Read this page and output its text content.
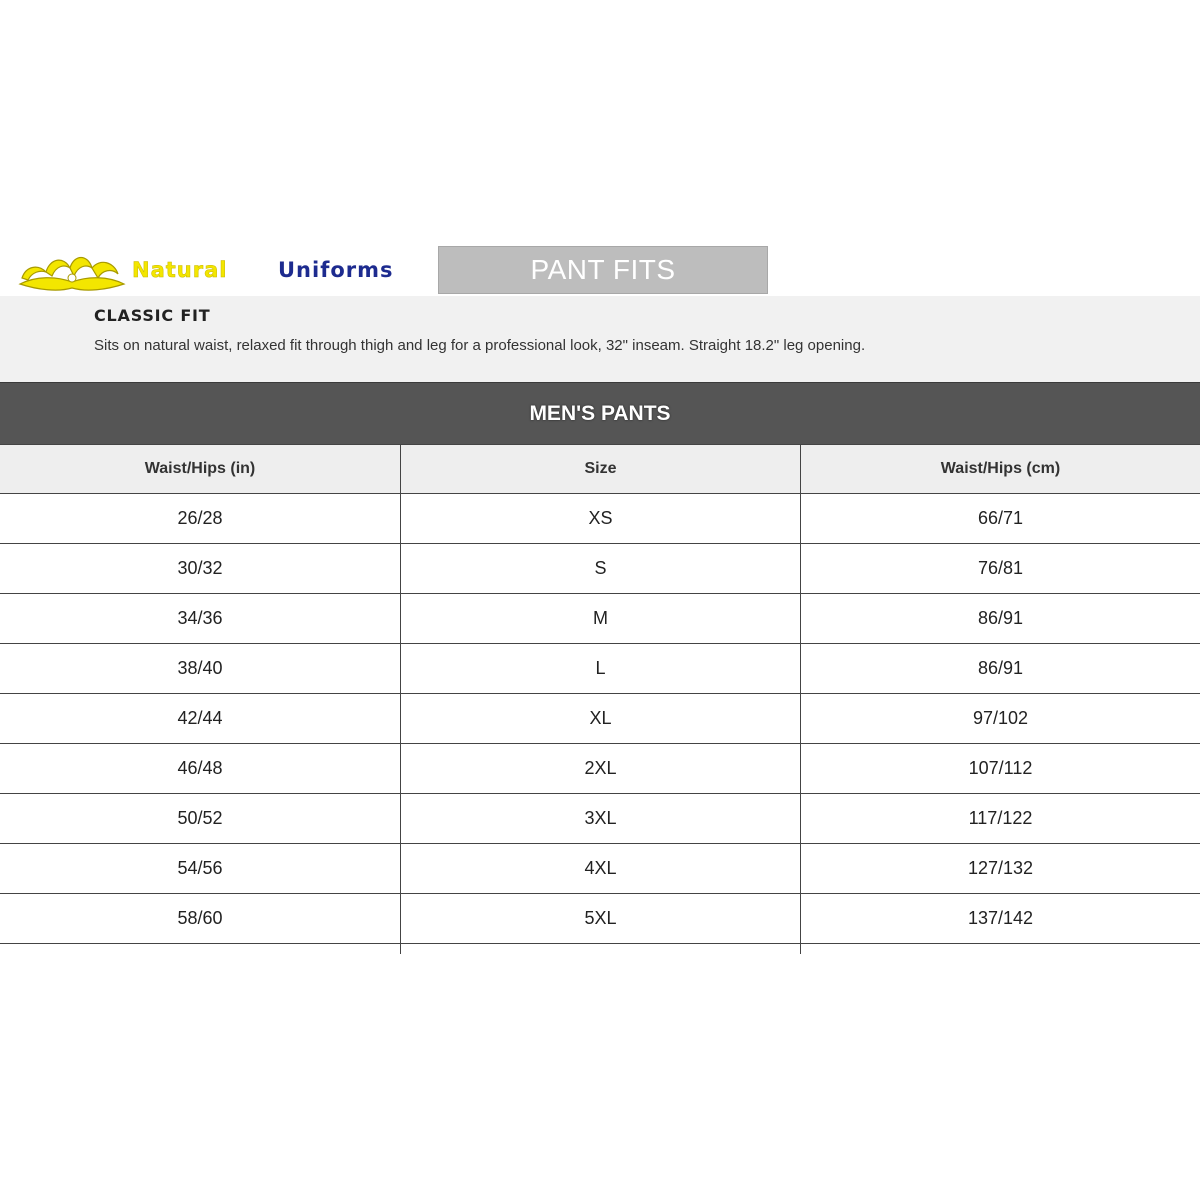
Natural Uniforms	PANT FITS
CLASSIC FIT
Sits on natural waist, relaxed fit through thigh and leg for a professional look, 32" inseam. Straight 18.2" leg opening.
MEN'S PANTS
Waist/Hips (in)	Size	Waist/Hips (cm)
26/28	XS	66/71
30/32	S	76/81
34/36	M	86/91
38/40	L	86/91
42/44	XL	97/102
46/48	2XL	107/112
50/52	3XL	117/122
54/56	4XL	127/132
58/60	5XL	137/142
